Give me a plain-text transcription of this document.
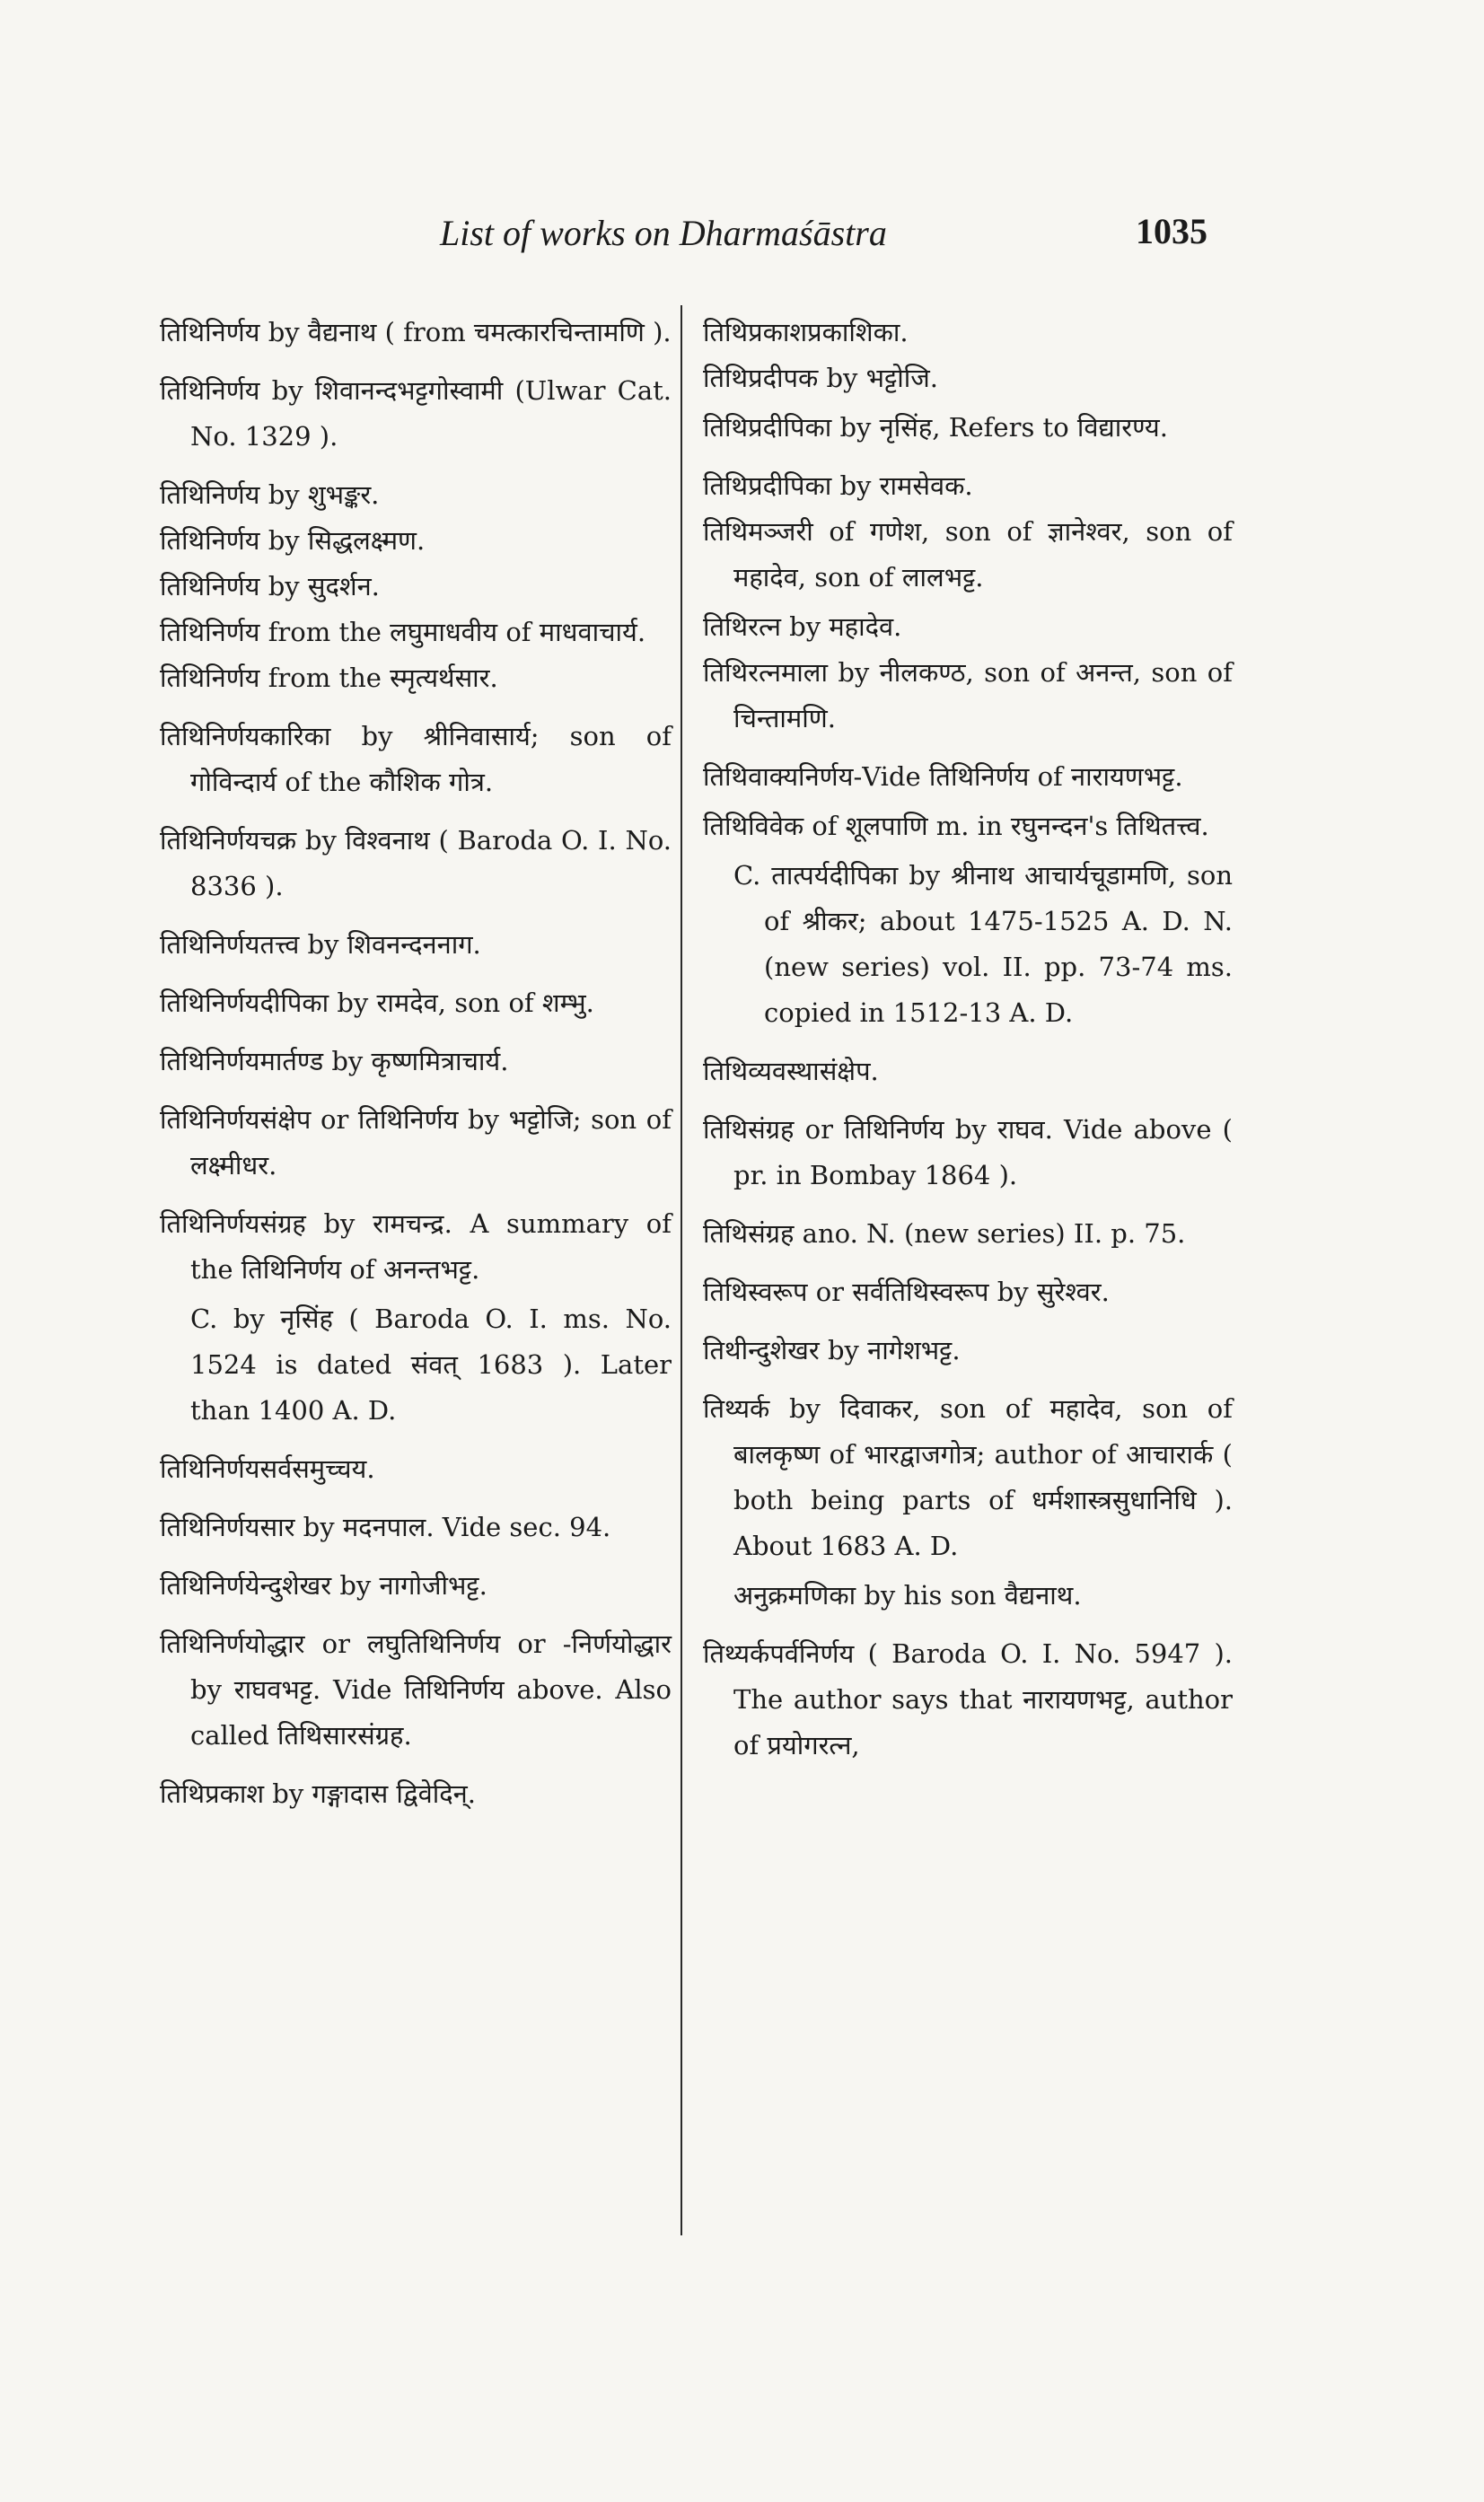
List of works on Dharmaśāstra	1035

तिथिनिर्णय by वैद्यनाथ ( from चमत्कारचिन्तामणि ).

तिथिनिर्णय by शिवानन्दभट्टगोस्वामी (Ulwar Cat. No. 1329 ).

तिथिनिर्णय by शुभङ्कर.

तिथिनिर्णय by सिद्धलक्ष्मण.

तिथिनिर्णय by सुदर्शन.

तिथिनिर्णय from the लघुमाधवीय of माधवाचार्य.

तिथिनिर्णय from the स्मृत्यर्थसार.

तिथिनिर्णयकारिका by श्रीनिवासार्य; son of गोविन्दार्य of the कौशिक गोत्र.

तिथिनिर्णयचक्र by विश्वनाथ ( Baroda O. I. No. 8336 ).

तिथिनिर्णयतत्त्व by शिवनन्दननाग.

तिथिनिर्णयदीपिका by रामदेव, son of शम्भु.

तिथिनिर्णयमार्तण्ड by कृष्णमित्राचार्य.

तिथिनिर्णयसंक्षेप or तिथिनिर्णय by भट्टोजि; son of लक्ष्मीधर.

तिथिनिर्णयसंग्रह by रामचन्द्र. A summary of the तिथिनिर्णय of अनन्तभट्ट.

C. by नृसिंह ( Baroda O. I. ms. No. 1524 is dated संवत् 1683 ). Later than 1400 A. D.

तिथिनिर्णयसर्वसमुच्चय.

तिथिनिर्णयसार by मदनपाल. Vide sec. 94.

तिथिनिर्णयेन्दुशेखर by नागोजीभट्ट.

तिथिनिर्णयोद्धार or लघुतिथिनिर्णय or -निर्णयोद्धार by राघवभट्ट. Vide तिथिनिर्णय above. Also called तिथिसारसंग्रह.

तिथिप्रकाश by गङ्गादास द्विवेदिन्.

तिथिप्रकाशप्रकाशिका.

तिथिप्रदीपक by भट्टोजि.

तिथिप्रदीपिका by नृसिंह, Refers to विद्यारण्य.

तिथिप्रदीपिका by रामसेवक.

तिथिमञ्जरी of गणेश, son of ज्ञानेश्वर, son of महादेव, son of लालभट्ट.

तिथिरत्न by महादेव.

तिथिरत्नमाला by नीलकण्ठ, son of अनन्त, son of चिन्तामणि.

तिथिवाक्यनिर्णय-Vide तिथिनिर्णय of नारायणभट्ट.

तिथिविवेक of शूलपाणि m. in रघुनन्दन's तिथितत्त्व.

C. तात्पर्यदीपिका by श्रीनाथ आचार्यचूडामणि, son of श्रीकर; about 1475-1525 A. D. N. (new series) vol. II. pp. 73-74 ms. copied in 1512-13 A. D.

तिथिव्यवस्थासंक्षेप.

तिथिसंग्रह or तिथिनिर्णय by राघव. Vide above ( pr. in Bombay 1864 ).

तिथिसंग्रह ano. N. (new series) II. p. 75.

तिथिस्वरूप or सर्वतिथिस्वरूप by सुरेश्वर.

तिथीन्दुशेखर by नागेशभट्ट.

तिथ्यर्क by दिवाकर, son of महादेव, son of बालकृष्ण of भारद्वाजगोत्र; author of आचारार्क ( both being parts of धर्मशास्त्रसुधानिधि ). About 1683 A. D.

अनुक्रमणिका by his son वैद्यनाथ.

तिथ्यर्कपर्वनिर्णय ( Baroda O. I. No. 5947 ). The author says that नारायणभट्ट, author of प्रयोगरत्न,
